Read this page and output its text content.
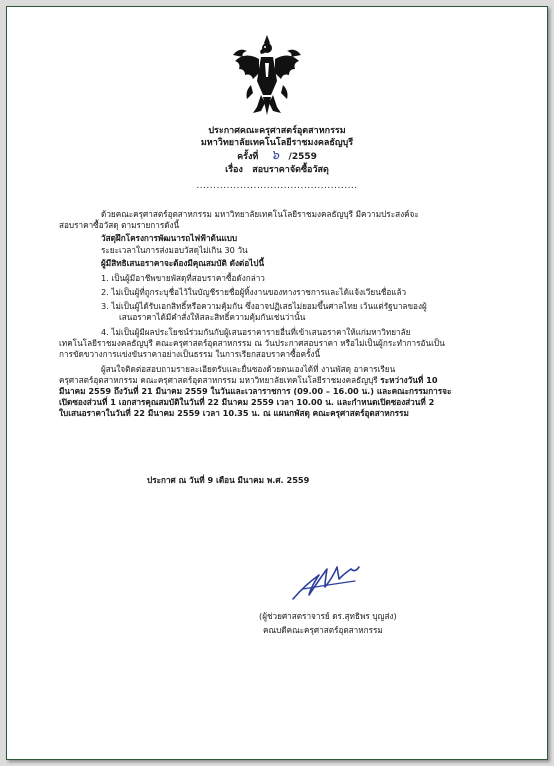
ประกาศคณะครุศาสตร์อุตสาหกรรม
มหาวิทยาลัยเทคโนโลยีราชมงคลธัญบุรี
ครั้งที่ ๖ /2559
เรื่อง สอบราคาจัดซื้อวัสดุ
................................................
ด้วยคณะครุศาสตร์อุตสาหกรรม มหาวิทยาลัยเทคโนโลยีราชมงคลธัญบุรี มีความประสงค์จะ
สอบราคาซื้อวัสดุ ตามรายการดังนี้
วัสดุฝึกโครงการพัฒนารถไฟฟ้าต้นแบบ
ระยะเวลาในการส่งมอบวัสดุไม่เกิน 30 วัน
ผู้มีสิทธิเสนอราคาจะต้องมีคุณสมบัติ ดังต่อไปนี้
1. เป็นผู้มีอาชีพขายพัสดุที่สอบราคาซื้อดังกล่าว
2. ไม่เป็นผู้ที่ถูกระบุชื่อไว้ในบัญชีรายชื่อผู้ทิ้งงานของทางราชการและได้แจ้งเวียนชื่อแล้ว
3. ไม่เป็นผู้ได้รับเอกสิทธิ์หรือความคุ้มกัน ซึ่งอาจปฏิเสธไม่ยอมขึ้นศาลไทย เว้นแต่รัฐบาลของผู้
เสนอราคาได้มีคำสั่งให้สละสิทธิ์ความคุ้มกันเช่นว่านั้น
4. ไม่เป็นผู้มีผลประโยชน์ร่วมกันกับผู้เสนอราคารายอื่นที่เข้าเสนอราคาให้แก่มหาวิทยาลัย
เทคโนโลยีราชมงคลธัญบุรี คณะครุศาสตร์อุตสาหกรรม ณ วันประกาศสอบราคา หรือไม่เป็นผู้กระทำการอันเป็น
การขัดขวางการแข่งขันราคาอย่างเป็นธรรม ในการเรียกสอบราคาซื้อครั้งนี้
ผู้สนใจติดต่อสอบถามรายละเอียดรับและยื่นซองด้วยตนเองได้ที่ งานพัสดุ อาคารเรียน
ครุศาสตร์อุตสาหกรรม คณะครุศาสตร์อุตสาหกรรม มหาวิทยาลัยเทคโนโลยีราชมงคลธัญบุรี ระหว่างวันที่ 10
มีนาคม 2559 ถึงวันที่ 21 มีนาคม 2559 ในวันและเวลาราชการ (09.00 – 16.00 น.) และคณะกรรมการจะ
เปิดซองส่วนที่ 1 เอกสารคุณสมบัติในวันที่ 22 มีนาคม 2559 เวลา 10.00 น. และกำหนดเปิดซองส่วนที่ 2
ใบเสนอราคาในวันที่ 22 มีนาคม 2559 เวลา 10.35 น. ณ แผนกพัสดุ คณะครุศาสตร์อุตสาหกรรม
ประกาศ ณ วันที่ 9 เดือน มีนาคม พ.ศ. 2559
(ผู้ช่วยศาสตราจารย์ ดร.สุทธิพร บุญส่ง)
คณบดีคณะครุศาสตร์อุตสาหกรรม
